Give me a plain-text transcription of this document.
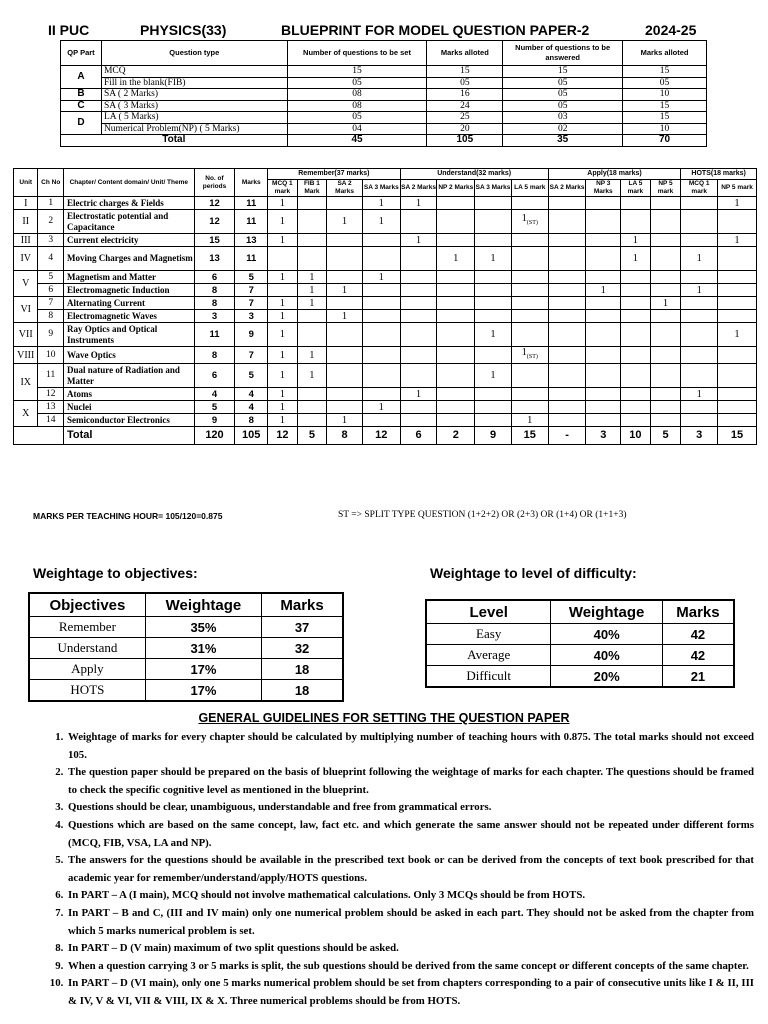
II PUC	PHYSICS(33)	BLUEPRINT FOR MODEL QUESTION PAPER-2	2024-25
QP Part	Question type	Number of questions to be set	Marks alloted	Number of questions to be answered	Marks alloted
A	MCQ	15	15	15	15
	Fill in the blank(FIB)	05	05	05	05
B	SA ( 2 Marks)	08	16	05	10
C	SA ( 3 Marks)	08	24	05	15
D	LA ( 5 Marks)	05	25	03	15
	Numerical Problem(NP) ( 5 Marks)	04	20	02	10
Total		45	105	35	70
Unit	Ch No	Chapter/ Content domain/ Unit/ Theme	No. of periods	Marks	Remember(37 marks)				Understand(32 marks)				Apply(18 marks)				HOTS(18 marks)	
					MCQ 1 mark	FIB 1 Mark	SA 2 Marks	SA 3 Marks	SA 2 Marks	NP 2 Marks	SA 3 Marks	LA 5 mark	SA 2 Marks	NP 3 Marks	LA 5 mark	NP 5 mark	MCQ 1 mark	NP 5 mark
I	1	Electric charges & Fields	12	11	1			1	1									1
II	2	Electrostatic potential and Capacitance	12	11	1		1	1				$1_{(ST)}$						
III	3	Current electricity	15	13	1				1						1			1
IV	4	Moving Charges and Magnetism	13	11						1	1				1		1	
V	5	Magnetism and Matter	6	5	1	1		1										
	6	Electromagnetic Induction	8	7		1	1							1			1	
VI	7	Alternating Current	8	7	1	1										1		
	8	Electromagnetic Waves	3	3	1		1											
VII	9	Ray Optics and Optical Instruments	11	9	1						1							1
VIII	10	Wave Optics	8	7	1	1						$1_{(ST)}$						
IX	11	Dual nature of Radiation and Matter	6	5	1	1					1							
	12	Atoms	4	4	1				1								1	
X	13	Nuclei	5	4	1			1										
	14	Semiconductor Electronics	9	8	1		1					1						
		Total	120	105	12	5	8	12	6	2	9	15	-	3	10	5	3	15
MARKS PER TEACHING HOUR= 105/120=0.875	ST => SPLIT TYPE QUESTION (1+2+2) OR (2+3) OR (1+4) OR (1+1+3)
Weightage to objectives:
Objectives	Weightage	Marks
Remember	35%	37
Understand	31%	32
Apply	17%	18
HOTS	17%	18
Weightage to level of difficulty:
Level	Weightage	Marks
Easy	40%	42
Average	40%	42
Difficult	20%	21
GENERAL GUIDELINES FOR SETTING THE QUESTION PAPER
1. Weightage of marks for every chapter should be calculated by multiplying number of teaching hours with 0.875. The total marks should not exceed 105.
2. The question paper should be prepared on the basis of blueprint following the weightage of marks for each chapter. The questions should be framed to check the specific cognitive level as mentioned in the blueprint.
3. Questions should be clear, unambiguous, understandable and free from grammatical errors.
4. Questions which are based on the same concept, law, fact etc. and which generate the same answer should not be repeated under different forms (MCQ, FIB, VSA, LA and NP).
5. The answers for the questions should be available in the prescribed text book or can be derived from the concepts of text book prescribed for that academic year for remember/understand/apply/HOTS questions.
6. In PART – A (I main), MCQ should not involve mathematical calculations. Only 3 MCQs should be from HOTS.
7. In PART – B and C, (III and IV main) only one numerical problem should be asked in each part. They should not be asked from the chapter from which 5 marks numerical problem is set.
8. In PART – D (V main) maximum of two split questions should be asked.
9. When a question carrying 3 or 5 marks is split, the sub questions should be derived from the same concept or different concepts of the same chapter.
10. In PART – D (VI main), only one 5 marks numerical problem should be set from chapters corresponding to a pair of consecutive units like I & II, III & IV, V & VI, VII & VIII, IX & X. Three numerical problems should be from HOTS.
